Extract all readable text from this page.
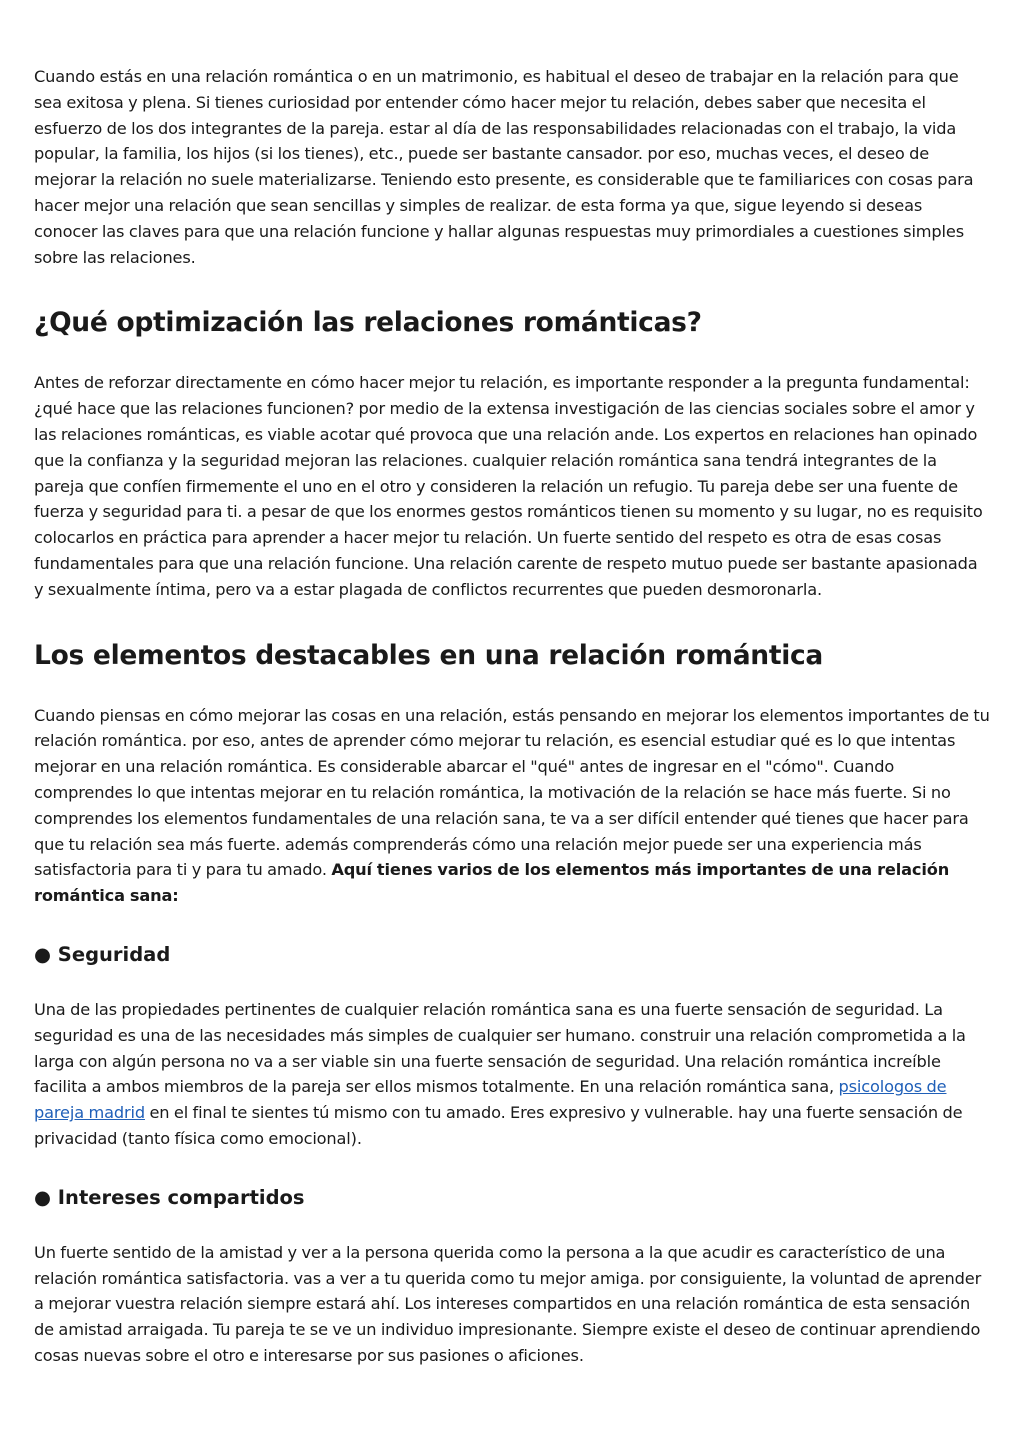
Cuando estás en una relación romántica o en un matrimonio, es habitual el deseo de trabajar en la relación para que sea exitosa y plena. Si tienes curiosidad por entender cómo hacer mejor tu relación, debes saber que necesita el esfuerzo de los dos integrantes de la pareja. estar al día de las responsabilidades relacionadas con el trabajo, la vida popular, la familia, los hijos (si los tienes), etc., puede ser bastante cansador. por eso, muchas veces, el deseo de mejorar la relación no suele materializarse. Teniendo esto presente, es considerable que te familiarices con cosas para hacer mejor una relación que sean sencillas y simples de realizar. de esta forma ya que, sigue leyendo si deseas conocer las claves para que una relación funcione y hallar algunas respuestas muy primordiales a cuestiones simples sobre las relaciones.

¿Qué optimización las relaciones románticas?

Antes de reforzar directamente en cómo hacer mejor tu relación, es importante responder a la pregunta fundamental: ¿qué hace que las relaciones funcionen? por medio de la extensa investigación de las ciencias sociales sobre el amor y las relaciones románticas, es viable acotar qué provoca que una relación ande. Los expertos en relaciones han opinado que la confianza y la seguridad mejoran las relaciones. cualquier relación romántica sana tendrá integrantes de la pareja que confíen firmemente el uno en el otro y consideren la relación un refugio. Tu pareja debe ser una fuente de fuerza y seguridad para ti. a pesar de que los enormes gestos románticos tienen su momento y su lugar, no es requisito colocarlos en práctica para aprender a hacer mejor tu relación. Un fuerte sentido del respeto es otra de esas cosas fundamentales para que una relación funcione. Una relación carente de respeto mutuo puede ser bastante apasionada y sexualmente íntima, pero va a estar plagada de conflictos recurrentes que pueden desmoronarla.

Los elementos destacables en una relación romántica

Cuando piensas en cómo mejorar las cosas en una relación, estás pensando en mejorar los elementos importantes de tu relación romántica. por eso, antes de aprender cómo mejorar tu relación, es esencial estudiar qué es lo que intentas mejorar en una relación romántica. Es considerable abarcar el "qué" antes de ingresar en el "cómo". Cuando comprendes lo que intentas mejorar en tu relación romántica, la motivación de la relación se hace más fuerte. Si no comprendes los elementos fundamentales de una relación sana, te va a ser difícil entender qué tienes que hacer para que tu relación sea más fuerte. además comprenderás cómo una relación mejor puede ser una experiencia más satisfactoria para ti y para tu amado. Aquí tienes varios de los elementos más importantes de una relación romántica sana:

● Seguridad

Una de las propiedades pertinentes de cualquier relación romántica sana es una fuerte sensación de seguridad. La seguridad es una de las necesidades más simples de cualquier ser humano. construir una relación comprometida a la larga con algún persona no va a ser viable sin una fuerte sensación de seguridad. Una relación romántica increíble facilita a ambos miembros de la pareja ser ellos mismos totalmente. En una relación romántica sana, psicologos de pareja madrid en el final te sientes tú mismo con tu amado. Eres expresivo y vulnerable. hay una fuerte sensación de privacidad (tanto física como emocional).

● Intereses compartidos

Un fuerte sentido de la amistad y ver a la persona querida como la persona a la que acudir es característico de una relación romántica satisfactoria. vas a ver a tu querida como tu mejor amiga. por consiguiente, la voluntad de aprender a mejorar vuestra relación siempre estará ahí. Los intereses compartidos en una relación romántica de esta sensación de amistad arraigada. Tu pareja te se ve un individuo impresionante. Siempre existe el deseo de continuar aprendiendo cosas nuevas sobre el otro e interesarse por sus pasiones o aficiones.
